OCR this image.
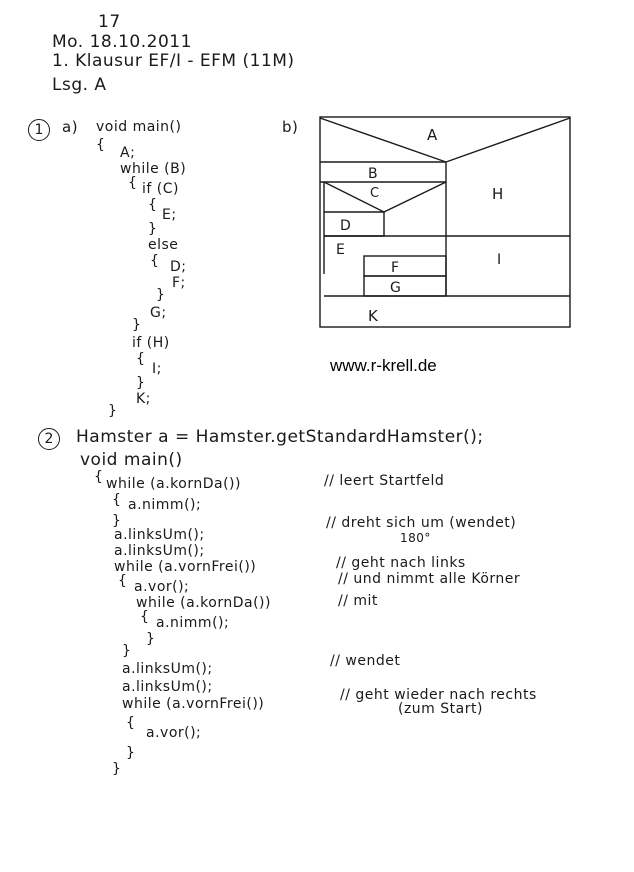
17
Mo. 18.10.2011
1. Klausur EF/I - EFM (11M)
Lsg. A
1	a)	b)
void main()
{ A;
while (B)
{ if (C)
{
E;
}
else
{ D;
F;
}
G;
}
if (H)
{
I;
}
K;
}
A
B
C
D
E
F
G
H
I
K
www.r-krell.de
2	Hamster a = Hamster.getStandardHamster();
void main()
{ while (a.kornDa())
{ a.nimm();
}
a.linksUm();
a.linksUm();
while (a.vornFrei())
{ a.vor();
while (a.kornDa())
{ a.nimm();
}
}
a.linksUm();
a.linksUm();
while (a.vornFrei())
{
a.vor();
}
}
// leert Startfeld
// dreht sich um (wendet)
180°
// geht nach links
// und nimmt alle Körner
// mit
// wendet
// geht wieder nach rechts
(zum Start)
